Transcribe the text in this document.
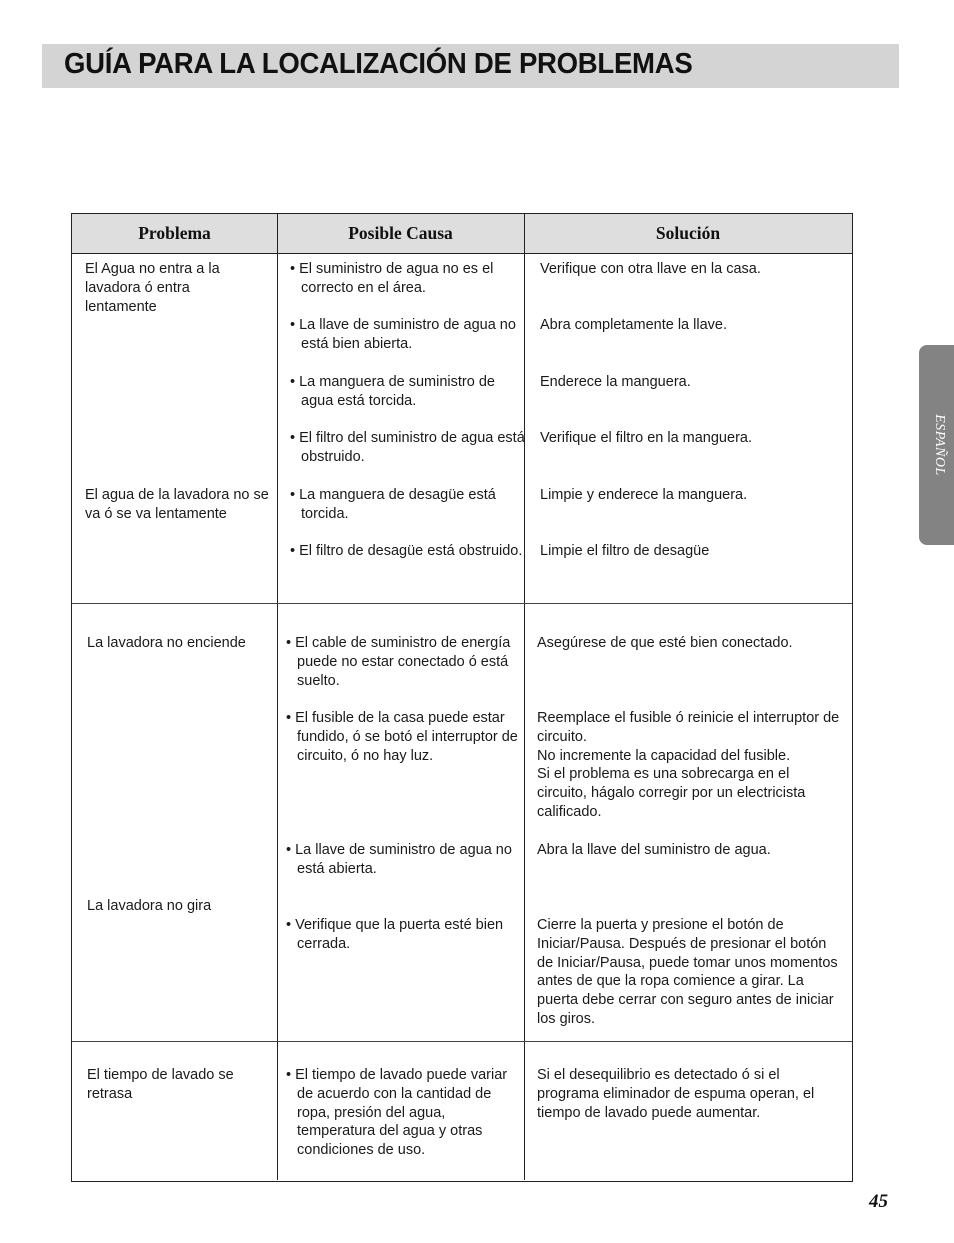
GUÍA PARA LA LOCALIZACIÓN DE PROBLEMAS
ESPAÑOL
Problema	Posible Causa	Solución
El Agua no entra a la lavadora ó entra lentamente
El agua de la lavadora no se va ó se va lentamente
• El suministro de agua no es el correcto en el área.
• La llave de suministro de agua no está bien abierta.
• La manguera de suministro de agua está torcida.
• El filtro del suministro de agua está obstruido.
• La manguera de desagüe está torcida.
• El filtro de desagüe está obstruido.
Verifique con otra llave en la casa.
Abra completamente la llave.
Enderece la manguera.
Verifique el filtro en la manguera.
Limpie y enderece la manguera.
Limpie el filtro de desagüe
La lavadora no enciende
La lavadora no gira
• El cable de suministro de energía puede no estar conectado ó está suelto.
• El fusible de la casa puede estar fundido, ó se botó el interruptor de circuito, ó no hay luz.
• La llave de suministro de agua no está abierta.
• Verifique que la puerta esté bien cerrada.
Asegúrese de que esté bien conectado.
Reemplace el fusible ó reinicie el interruptor de circuito.
No incremente la capacidad del fusible.
Si el problema es una sobrecarga en el circuito, hágalo corregir por un electricista calificado.
Abra la llave del suministro de agua.
Cierre la puerta y presione el botón de Iniciar/Pausa. Después de presionar el botón de Iniciar/Pausa, puede tomar unos momentos antes de que la ropa comience a girar. La puerta debe cerrar con seguro antes de iniciar los giros.
El tiempo de lavado se retrasa
• El tiempo de lavado puede variar de acuerdo con la cantidad de ropa, presión del agua, temperatura del agua y otras condiciones de uso.
Si el desequilibrio es detectado ó si el programa eliminador de espuma operan, el tiempo de lavado puede aumentar.
45
